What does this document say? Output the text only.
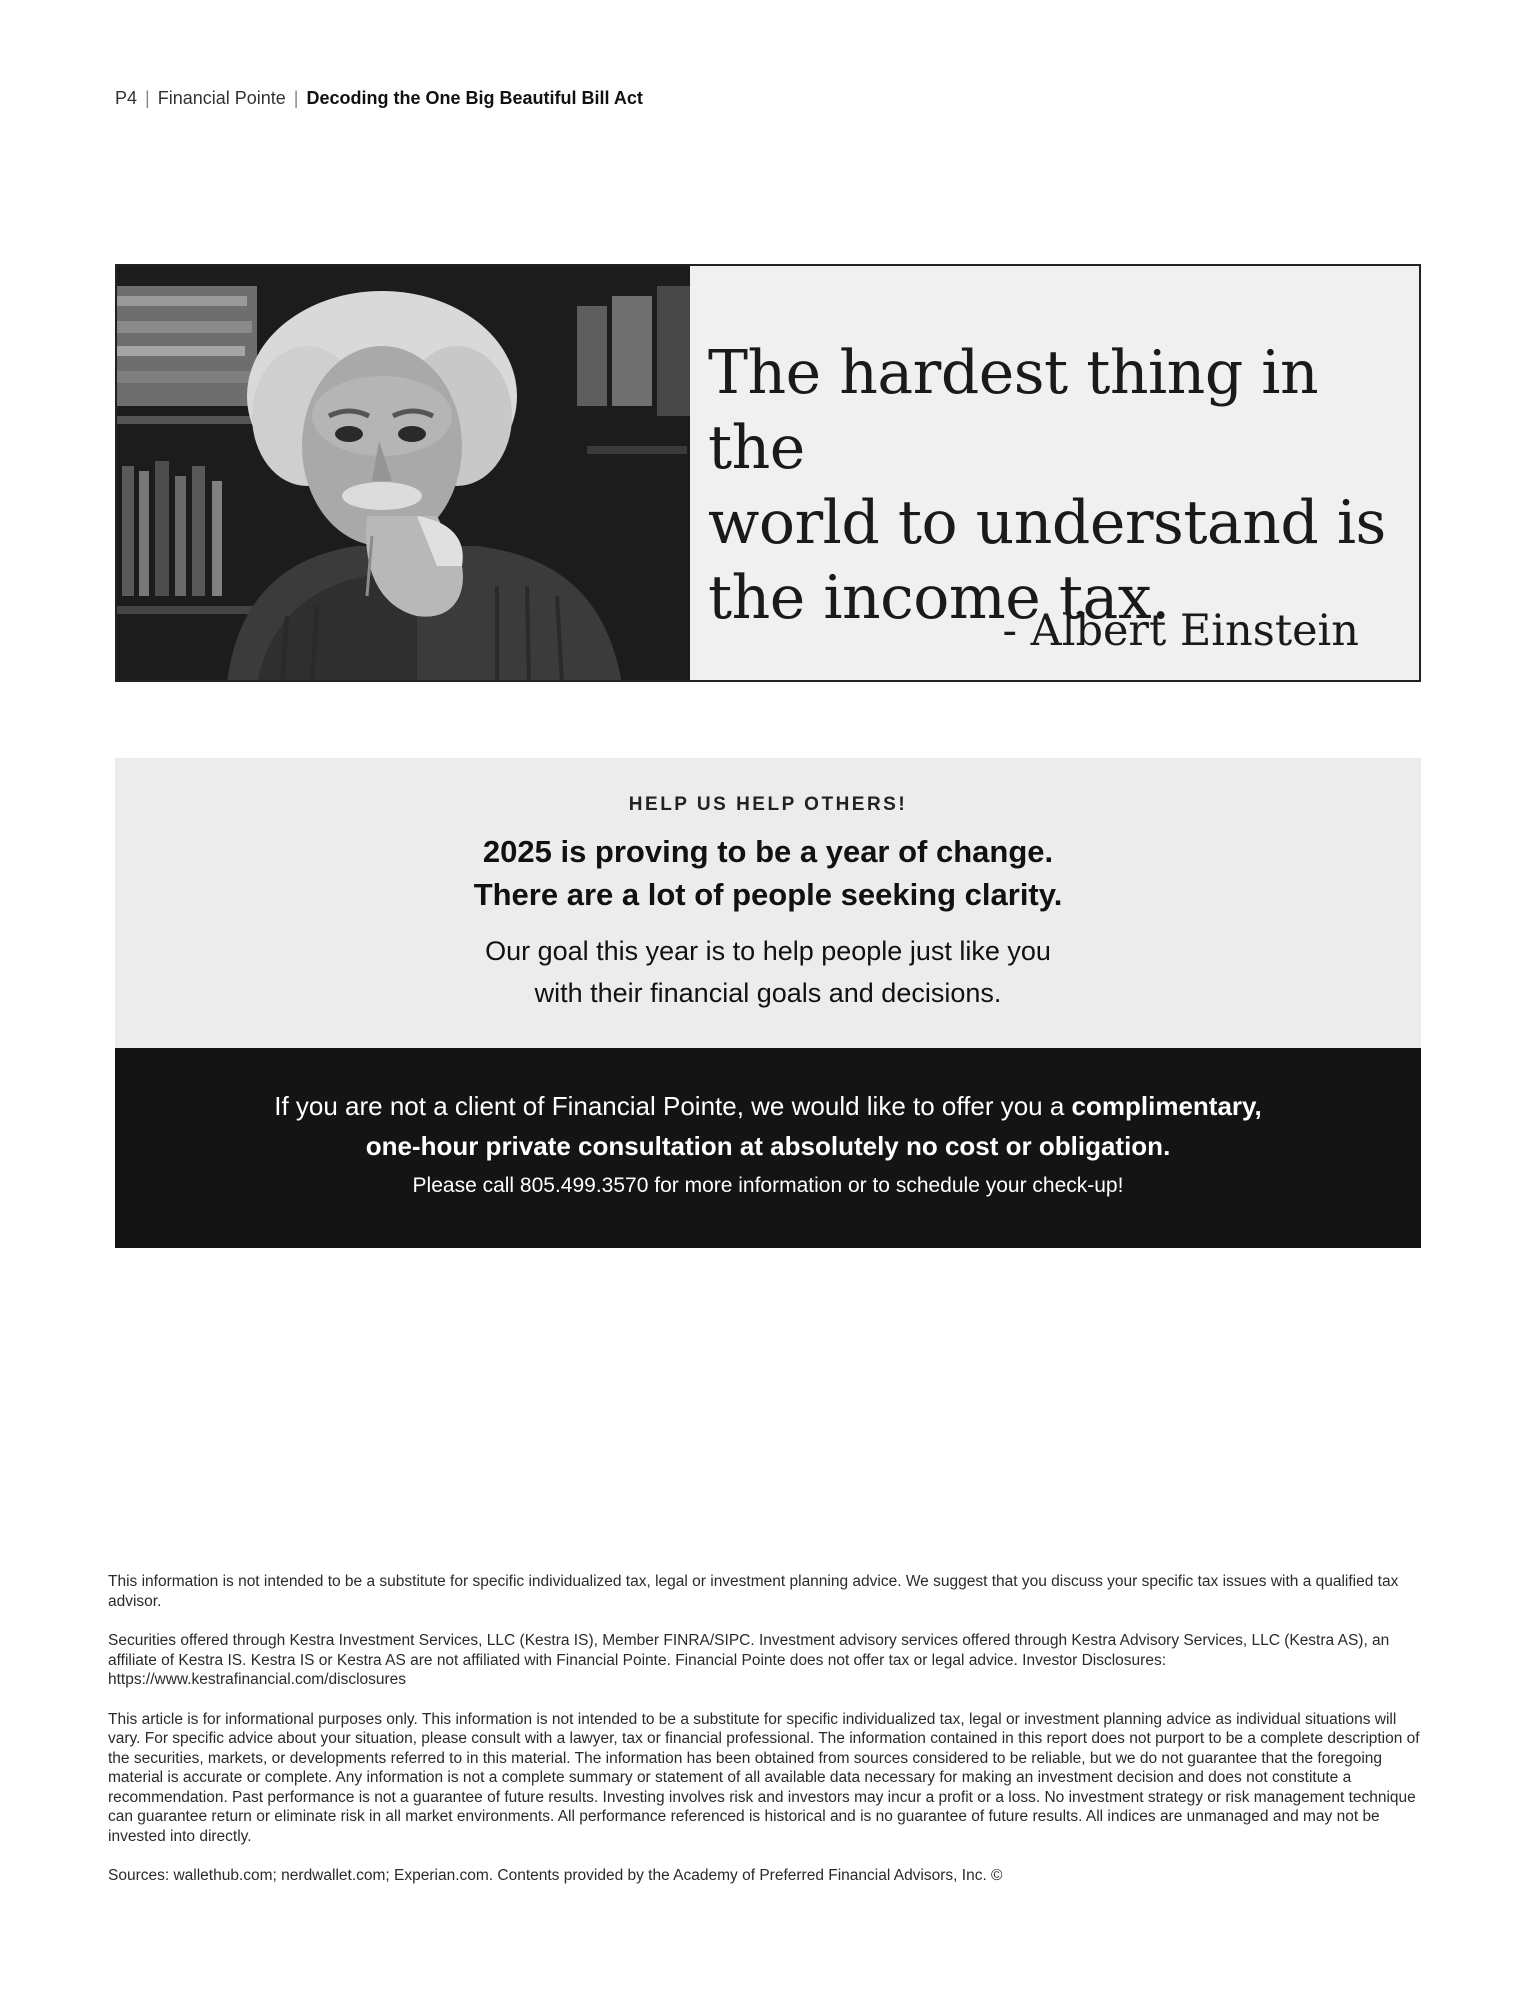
P4 | Financial Pointe | Decoding the One Big Beautiful Bill Act
The hardest thing in the
world to understand is
the income tax.
- Albert Einstein
HELP US HELP OTHERS!
2025 is proving to be a year of change.
There are a lot of people seeking clarity.
Our goal this year is to help people just like you
with their financial goals and decisions.
If you are not a client of Financial Pointe, we would like to offer you a complimentary,
one-hour private consultation at absolutely no cost or obligation.
Please call 805.499.3570 for more information or to schedule your check-up!

This information is not intended to be a substitute for specific individualized tax, legal or investment planning advice. We suggest that you discuss your specific tax issues with a qualified tax advisor.

Securities offered through Kestra Investment Services, LLC (Kestra IS), Member FINRA/SIPC. Investment advisory services offered through Kestra Advisory Services, LLC (Kestra AS), an affiliate of Kestra IS. Kestra IS or Kestra AS are not affiliated with Financial Pointe. Financial Pointe does not offer tax or legal advice. Investor Disclosures: https://www.kestrafinancial.com/disclosures

This article is for informational purposes only. This information is not intended to be a substitute for specific individualized tax, legal or investment planning advice as individual situations will vary. For specific advice about your situation, please consult with a lawyer, tax or financial professional. The information contained in this report does not purport to be a complete description of the securities, markets, or developments referred to in this material. The information has been obtained from sources considered to be reliable, but we do not guarantee that the foregoing material is accurate or complete. Any information is not a complete summary or statement of all available data necessary for making an investment decision and does not constitute a recommendation. Past performance is not a guarantee of future results. Investing involves risk and investors may incur a profit or a loss. No investment strategy or risk management technique can guarantee return or eliminate risk in all market environments. All performance referenced is historical and is no guarantee of future results. All indices are unmanaged and may not be invested into directly.

Sources: wallethub.com; nerdwallet.com; Experian.com. Contents provided by the Academy of Preferred Financial Advisors, Inc. ©
